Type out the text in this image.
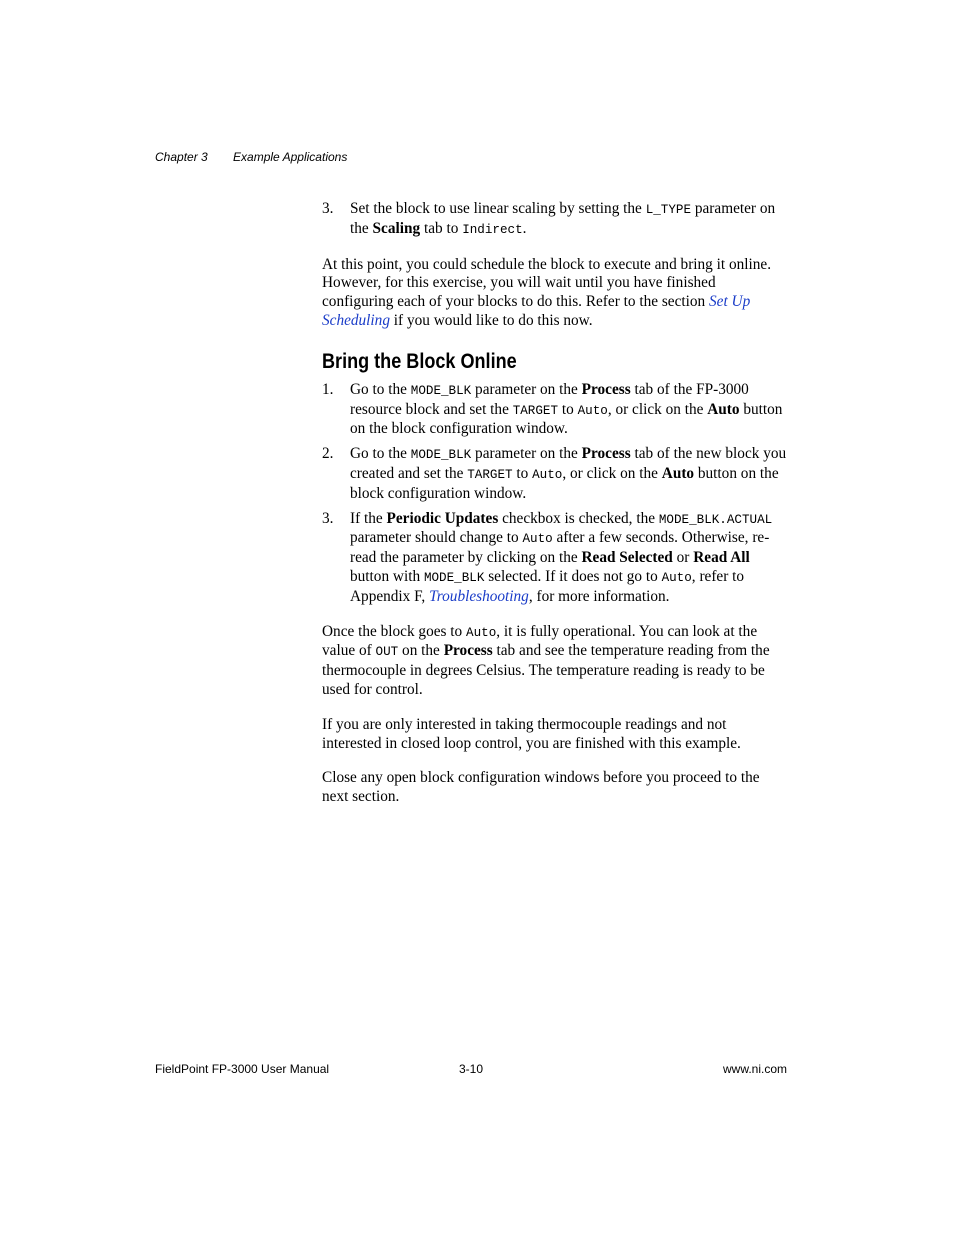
Chapter 3 Example Applications
3.	Set the block to use linear scaling by setting the L_TYPE parameter on the Scaling tab to Indirect.

At this point, you could schedule the block to execute and bring it online. However, for this exercise, you will wait until you have finished configuring each of your blocks to do this. Refer to the section Set Up Scheduling if you would like to do this now.

Bring the Block Online
1.	Go to the MODE_BLK parameter on the Process tab of the FP-3000 resource block and set the TARGET to Auto, or click on the Auto button on the block configuration window.
2.	Go to the MODE_BLK parameter on the Process tab of the new block you created and set the TARGET to Auto, or click on the Auto button on the block configuration window.
3.	If the Periodic Updates checkbox is checked, the MODE_BLK.ACTUAL parameter should change to Auto after a few seconds. Otherwise, re-read the parameter by clicking on the Read Selected or Read All button with MODE_BLK selected. If it does not go to Auto, refer to Appendix F, Troubleshooting, for more information.

Once the block goes to Auto, it is fully operational. You can look at the value of OUT on the Process tab and see the temperature reading from the thermocouple in degrees Celsius. The temperature reading is ready to be used for control.

If you are only interested in taking thermocouple readings and not interested in closed loop control, you are finished with this example.

Close any open block configuration windows before you proceed to the next section.

FieldPoint FP-3000 User Manual	3-10	www.ni.com
